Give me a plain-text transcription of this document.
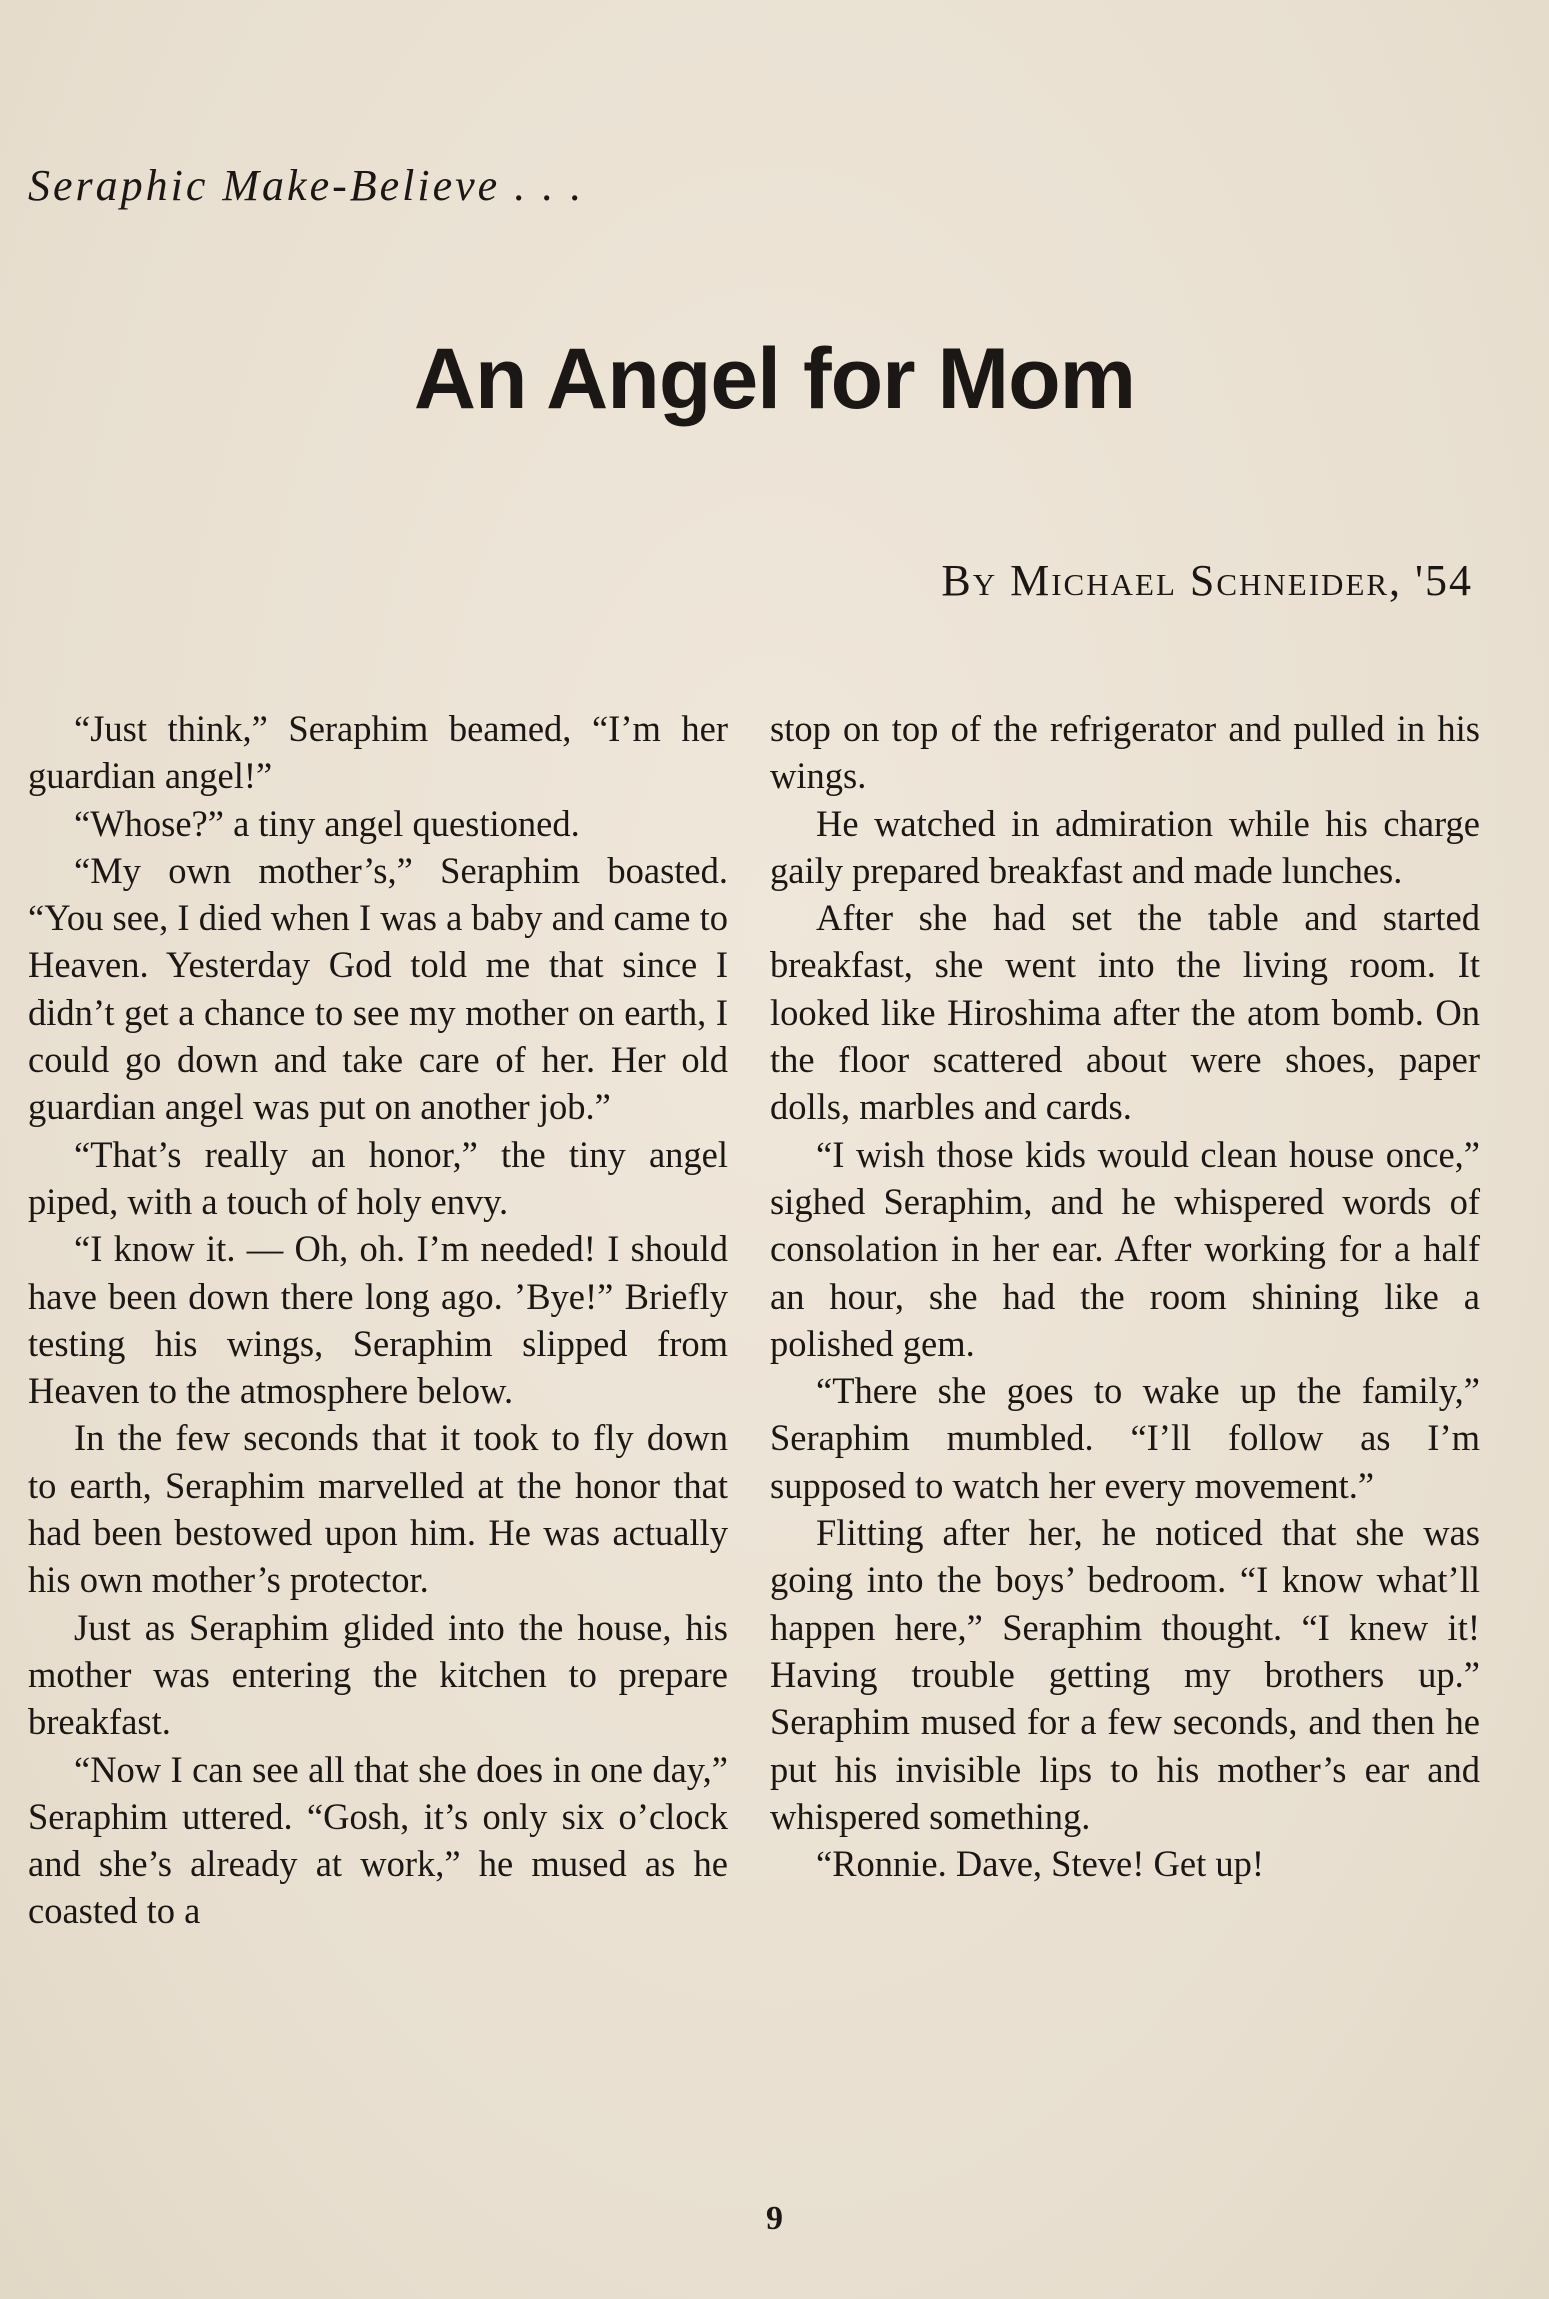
Seraphic Make-Believe . . .
An Angel for Mom
By Michael Schneider, '54

“Just think,” Seraphim beamed, “I’m her guardian angel!”

“Whose?” a tiny angel questioned.

“My own mother’s,” Seraphim boasted. “You see, I died when I was a baby and came to Heaven. Yesterday God told me that since I didn’t get a chance to see my mother on earth, I could go down and take care of her. Her old guardian angel was put on another job.”

“That’s really an honor,” the tiny angel piped, with a touch of holy envy.

“I know it. — Oh, oh. I’m needed! I should have been down there long ago. ’Bye!” Briefly testing his wings, Seraphim slipped from Heaven to the atmosphere below.

In the few seconds that it took to fly down to earth, Seraphim marvelled at the honor that had been bestowed upon him. He was actually his own mother’s protector.

Just as Seraphim glided into the house, his mother was entering the kitchen to prepare breakfast.

“Now I can see all that she does in one day,” Seraphim uttered. “Gosh, it’s only six o’clock and she’s already at work,” he mused as he coasted to a

stop on top of the refrigerator and pulled in his wings.

He watched in admiration while his charge gaily prepared breakfast and made lunches.

After she had set the table and started breakfast, she went into the living room. It looked like Hiroshima after the atom bomb. On the floor scattered about were shoes, paper dolls, marbles and cards.

“I wish those kids would clean house once,” sighed Seraphim, and he whispered words of consolation in her ear. After working for a half an hour, she had the room shining like a polished gem.

“There she goes to wake up the family,” Seraphim mumbled. “I’ll follow as I’m supposed to watch her every movement.”

Flitting after her, he noticed that she was going into the boys’ bedroom. “I know what’ll happen here,” Seraphim thought. “I knew it! Having trouble getting my brothers up.” Seraphim mused for a few seconds, and then he put his invisible lips to his mother’s ear and whispered something.

“Ronnie. Dave, Steve! Get up!

9
